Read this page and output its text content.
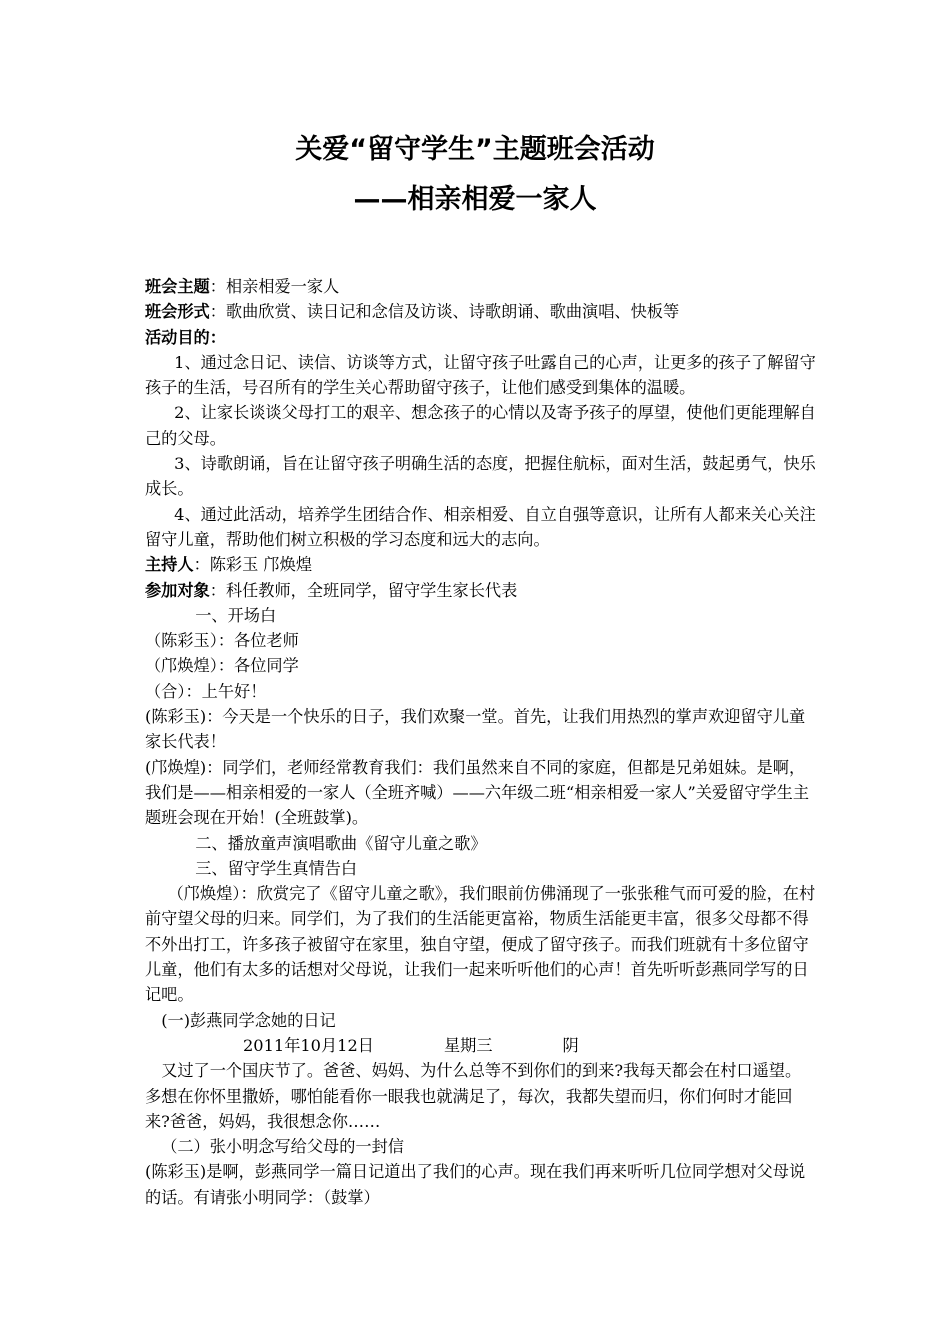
关爱“留守学生”主题班会活动
——相亲相爱一家人

班会主题：相亲相爱一家人

班会形式：歌曲欣赏、读日记和念信及访谈、诗歌朗诵、歌曲演唱、快板等

活动目的：

1、通过念日记、读信、访谈等方式，让留守孩子吐露自己的心声，让更多的孩子了解留守孩子的生活，号召所有的学生关心帮助留守孩子，让他们感受到集体的温暖。

2、让家长谈谈父母打工的艰辛、想念孩子的心情以及寄予孩子的厚望，使他们更能理解自己的父母。

3、诗歌朗诵，旨在让留守孩子明确生活的态度，把握住航标，面对生活，鼓起勇气，快乐成长。

4、通过此活动，培养学生团结合作、相亲相爱、自立自强等意识，让所有人都来关心关注留守儿童，帮助他们树立积极的学习态度和远大的志向。

主持人：陈彩玉 邝焕煌

参加对象：科任教师，全班同学，留守学生家长代表

一、开场白

（陈彩玉）：各位老师

（邝焕煌）：各位同学

（合）：上午好！

(陈彩玉)：今天是一个快乐的日子，我们欢聚一堂。首先，让我们用热烈的掌声欢迎留守儿童家长代表！

(邝焕煌)：同学们，老师经常教育我们：我们虽然来自不同的家庭，但都是兄弟姐妹。是啊，我们是——相亲相爱的一家人（全班齐喊）——六年级二班“相亲相爱一家人”关爱留守学生主题班会现在开始！(全班鼓掌)。

二、播放童声演唱歌曲《留守儿童之歌》

三、留守学生真情告白

（邝焕煌）：欣赏完了《留守儿童之歌》，我们眼前仿佛涌现了一张张稚气而可爱的脸，在村前守望父母的归来。同学们，为了我们的生活能更富裕，物质生活能更丰富，很多父母都不得不外出打工，许多孩子被留守在家里，独自守望，便成了留守孩子。而我们班就有十多位留守儿童，他们有太多的话想对父母说，让我们一起来听听他们的心声！首先听听彭燕同学写的日记吧。

(一)彭燕同学念她的日记

2011年10月12日	星期三	阴

又过了一个国庆节了。爸爸、妈妈、为什么总等不到你们的到来?我每天都会在村口遥望。多想在你怀里撒娇，哪怕能看你一眼我也就满足了，每次，我都失望而归，你们何时才能回来?爸爸，妈妈，我很想念你……

（二）张小明念写给父母的一封信

(陈彩玉)是啊，彭燕同学一篇日记道出了我们的心声。现在我们再来听听几位同学想对父母说的话。有请张小明同学：（鼓掌）
